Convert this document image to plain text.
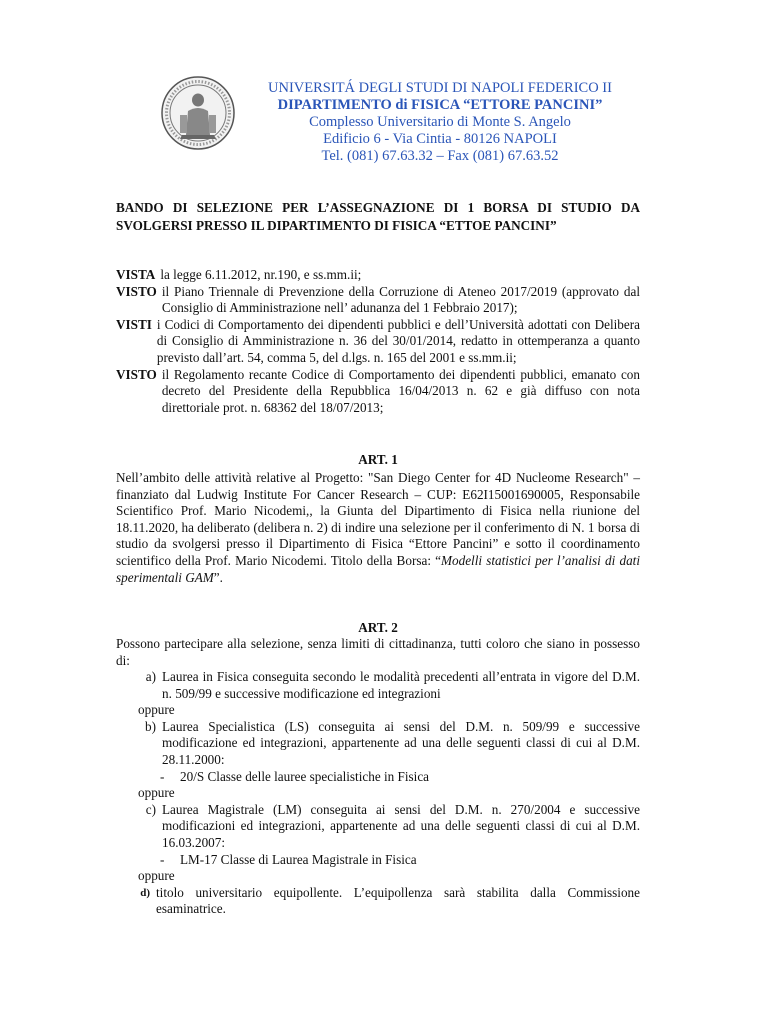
UNIVERSITÁ DEGLI STUDI DI NAPOLI FEDERICO II
DIPARTIMENTO di FISICA “ETTORE PANCINI”
Complesso Universitario di Monte S. Angelo
Edificio 6 - Via Cintia - 80126 NAPOLI
Tel. (081) 67.63.32 – Fax (081) 67.63.52
BANDO DI SELEZIONE PER L’ASSEGNAZIONE DI 1 BORSA DI STUDIO DA SVOLGERSI PRESSO IL DIPARTIMENTO DI FISICA “ETTOE PANCINI”
VISTA la legge 6.11.2012, nr.190, e ss.mm.ii;
VISTO il Piano Triennale di Prevenzione della Corruzione di Ateneo 2017/2019 (approvato dal Consiglio di Amministrazione nell’ adunanza del 1 Febbraio 2017);
VISTI i Codici di Comportamento dei dipendenti pubblici e dell’Università adottati con Delibera di Consiglio di Amministrazione n. 36 del 30/01/2014, redatto in ottemperanza a quanto previsto dall’art. 54, comma 5, del d.lgs. n. 165 del 2001 e ss.mm.ii;
VISTO il Regolamento recante Codice di Comportamento dei dipendenti pubblici, emanato con decreto del Presidente della Repubblica 16/04/2013 n. 62 e già diffuso con nota direttoriale prot. n. 68362 del 18/07/2013;
ART. 1
Nell’ambito delle attività relative al Progetto: "San Diego Center for 4D Nucleome Research" – finanziato dal Ludwig Institute For Cancer Research – CUP: E62I15001690005, Responsabile Scientifico Prof. Mario Nicodemi,, la Giunta del Dipartimento di Fisica nella riunione del 18.11.2020, ha deliberato (delibera n. 2) di indire una selezione per il conferimento di N. 1 borsa di studio da svolgersi presso il Dipartimento di Fisica “Ettore Pancini” e sotto il coordinamento scientifico della Prof. Mario Nicodemi. Titolo della Borsa: “Modelli statistici per l’analisi di dati sperimentali GAM”.
ART. 2
Possono partecipare alla selezione, senza limiti di cittadinanza, tutti coloro che siano in possesso di:
a) Laurea in Fisica conseguita secondo le modalità precedenti all’entrata in vigore del D.M. n. 509/99 e successive modificazione ed integrazioni
oppure
b) Laurea Specialistica (LS) conseguita ai sensi del D.M. n. 509/99 e successive modificazione ed integrazioni, appartenente ad una delle seguenti classi di cui al D.M. 28.11.2000:
- 20/S Classe delle lauree specialistiche in Fisica
oppure
c) Laurea Magistrale (LM) conseguita ai sensi del D.M. n. 270/2004 e successive modificazioni ed integrazioni, appartenente ad una delle seguenti classi di cui al D.M. 16.03.2007:
- LM-17 Classe di Laurea Magistrale in Fisica
oppure
d) titolo universitario equipollente. L’equipollenza sarà stabilita dalla Commissione esaminatrice.
